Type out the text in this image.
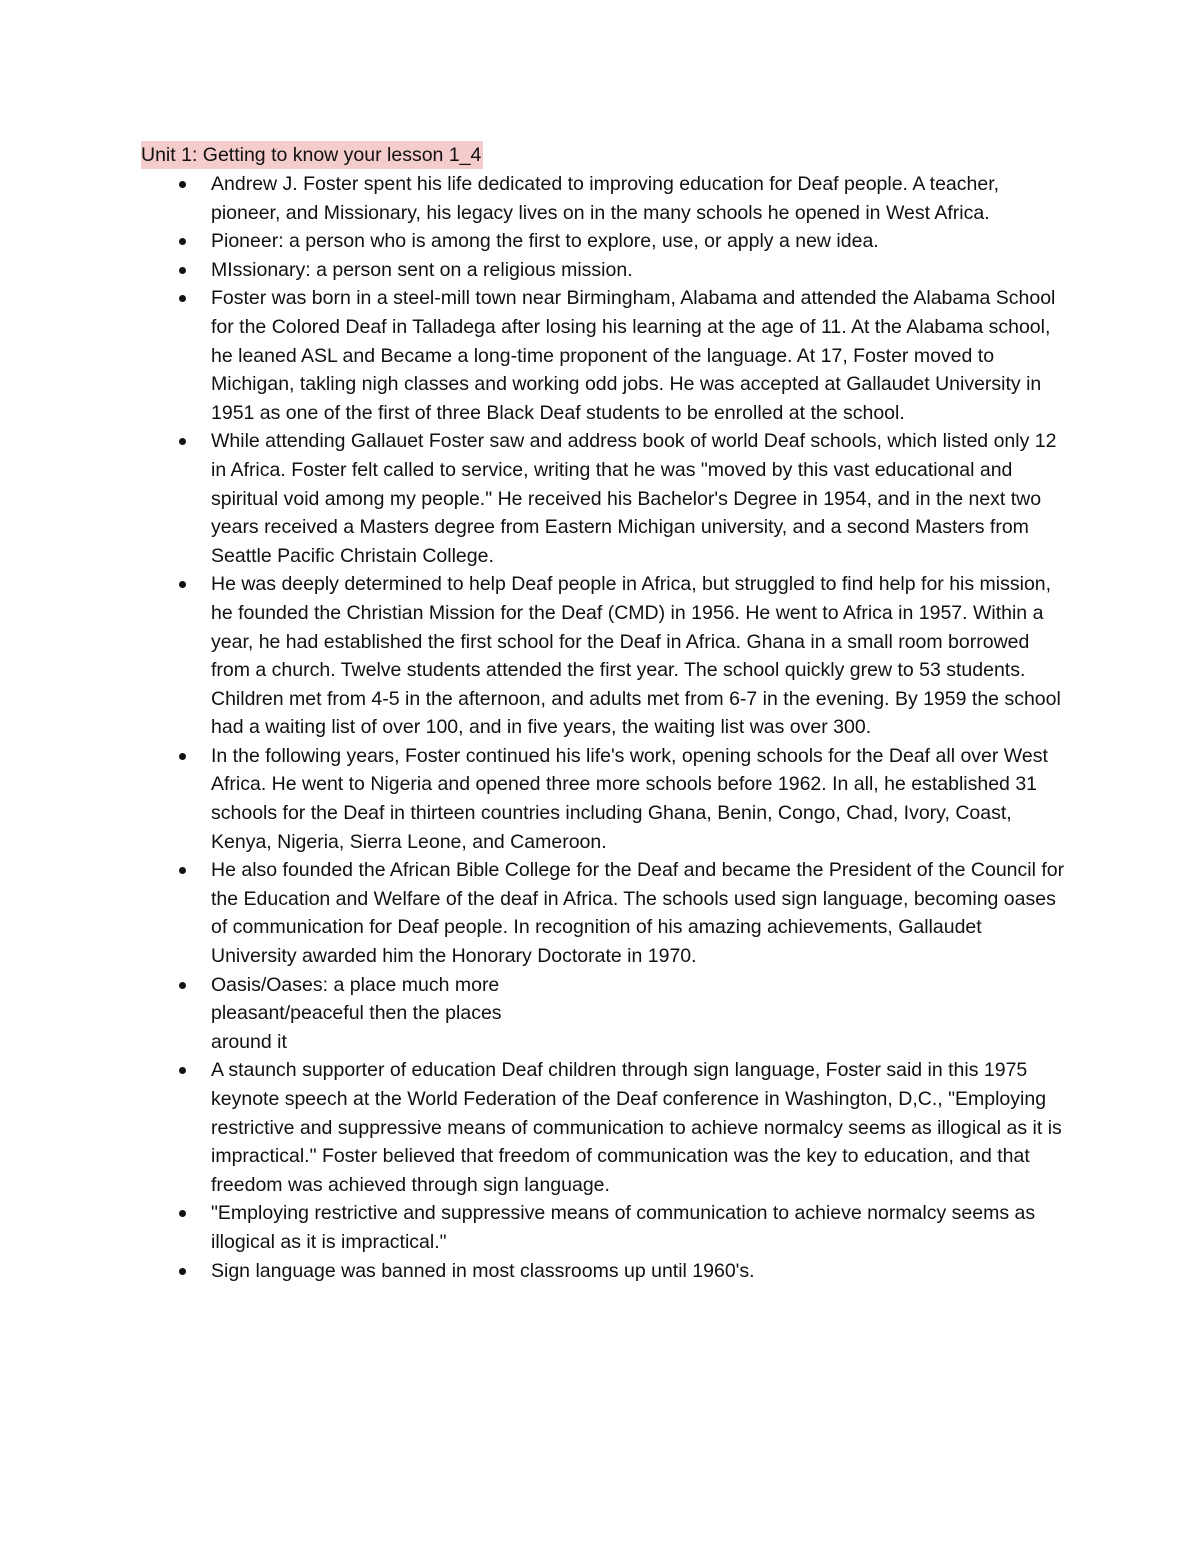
Unit 1: Getting to know your lesson 1_4
Andrew J. Foster spent his life dedicated to improving education for Deaf people. A teacher, pioneer, and Missionary, his legacy lives on in the many schools he opened in West Africa.
Pioneer: a person who is among the first to explore, use, or apply a new idea.
MIssionary: a person sent on a religious mission.
Foster was born in a steel-mill town near Birmingham, Alabama and attended the Alabama School for the Colored Deaf in Talladega after losing his learning at the age of 11. At the Alabama school, he leaned ASL and Became a long-time proponent of the language. At 17, Foster moved to Michigan, takling nigh classes and working odd jobs. He was accepted at Gallaudet University in 1951 as one of the first of three Black Deaf students to be enrolled at the school.
While attending Gallauet Foster saw and address book of world Deaf schools, which listed only 12 in Africa. Foster felt called to service, writing that he was "moved by this vast educational and spiritual void among my people." He received his Bachelor's Degree in 1954, and in the next two years received a Masters degree from Eastern Michigan university, and a second Masters from Seattle Pacific Christain College.
He was deeply determined to help Deaf people in Africa, but struggled to find help for his mission, he founded the Christian Mission for the Deaf (CMD) in 1956. He went to Africa in 1957. Within a year, he had established the first school for the Deaf in Africa. Ghana in a small room borrowed from a church. Twelve students attended the first year. The school quickly grew to 53 students. Children met from 4-5 in the afternoon, and adults met from 6-7 in the evening. By 1959 the school had a waiting list of over 100, and in five years, the waiting list was over 300.
In the following years, Foster continued his life's work, opening schools for the Deaf all over West Africa. He went to Nigeria and opened three more schools before 1962. In all, he established 31 schools for the Deaf in thirteen countries including Ghana, Benin, Congo, Chad, Ivory, Coast, Kenya, Nigeria, Sierra Leone, and Cameroon.
He also founded the African Bible College for the Deaf and became the President of the Council for the Education and Welfare of the deaf in Africa. The schools used sign language, becoming oases of communication for Deaf people. In recognition of his amazing achievements, Gallaudet University awarded him the Honorary Doctorate in 1970.
Oasis/Oases: a place much more pleasant/peaceful then the places around it
A staunch supporter of education Deaf children through sign language, Foster said in this 1975 keynote speech at the World Federation of the Deaf conference in Washington, D,C., "Employing restrictive and suppressive means of communication to achieve normalcy seems as illogical as it is impractical." Foster believed that freedom of communication was the key to education, and that freedom was achieved through sign language.
"Employing restrictive and suppressive means of communication to achieve normalcy seems as illogical as it is impractical."
Sign language was banned in most classrooms up until 1960's.
